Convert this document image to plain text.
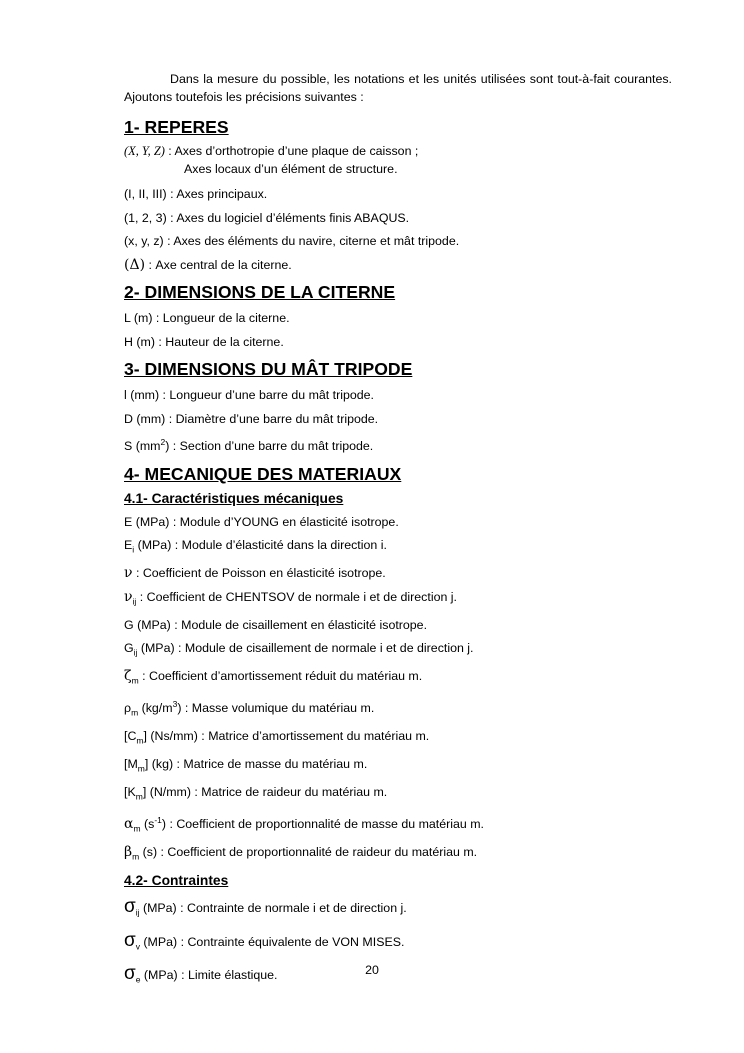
Dans la mesure du possible, les notations et les unités utilisées sont tout-à-fait courantes. Ajoutons toutefois les précisions suivantes :

1- REPERES
(X, Y, Z) : Axes d’orthotropie d’une plaque de caisson ;
Axes locaux d’un élément de structure.
(I, II, III) : Axes principaux.
(1, 2, 3) : Axes du logiciel d’éléments finis ABAQUS.
(x, y, z) : Axes des éléments du navire, citerne et mât tripode.
(Δ) : Axe central de la citerne.
2- DIMENSIONS DE LA CITERNE
L (m) : Longueur de la citerne.
H (m) : Hauteur de la citerne.
3- DIMENSIONS DU MÂT TRIPODE
l (mm) : Longueur d’une barre du mât tripode.
D (mm) : Diamètre d’une barre du mât tripode.
S $(mm^2)$ : Section d’une barre du mât tripode.
4- MECANIQUE DES MATERIAUX
4.1- Caractéristiques mécaniques
E (MPa) : Module d’YOUNG en élasticité isotrope.
$E_i$ (MPa) : Module d’élasticité dans la direction i.
ν : Coefficient de Poisson en élasticité isotrope.
$\nu_{ij}$ : Coefficient de CHENTSOV de normale i et de direction j.
G (MPa) : Module de cisaillement en élasticité isotrope.
$G_{ij}$ (MPa) : Module de cisaillement de normale i et de direction j.
$\zeta_m$ : Coefficient d’amortissement réduit du matériau m.
$\rho_m$ $(kg/m^3)$ : Masse volumique du matériau m.
$[C_m]$ (Ns/mm) : Matrice d’amortissement du matériau m.
$[M_m]$ (kg) : Matrice de masse du matériau m.
$[K_m]$ (N/mm) : Matrice de raideur du matériau m.
$\alpha_m$ $(s^{-1})$ : Coefficient de proportionnalité de masse du matériau m.
$\beta_m$ (s) : Coefficient de proportionnalité de raideur du matériau m.
4.2- Contraintes
$\sigma_{ij}$ (MPa) : Contrainte de normale i et de direction j.
$\sigma_v$ (MPa) : Contrainte équivalente de VON MISES.
$\sigma_e$ (MPa) : Limite élastique.	20
